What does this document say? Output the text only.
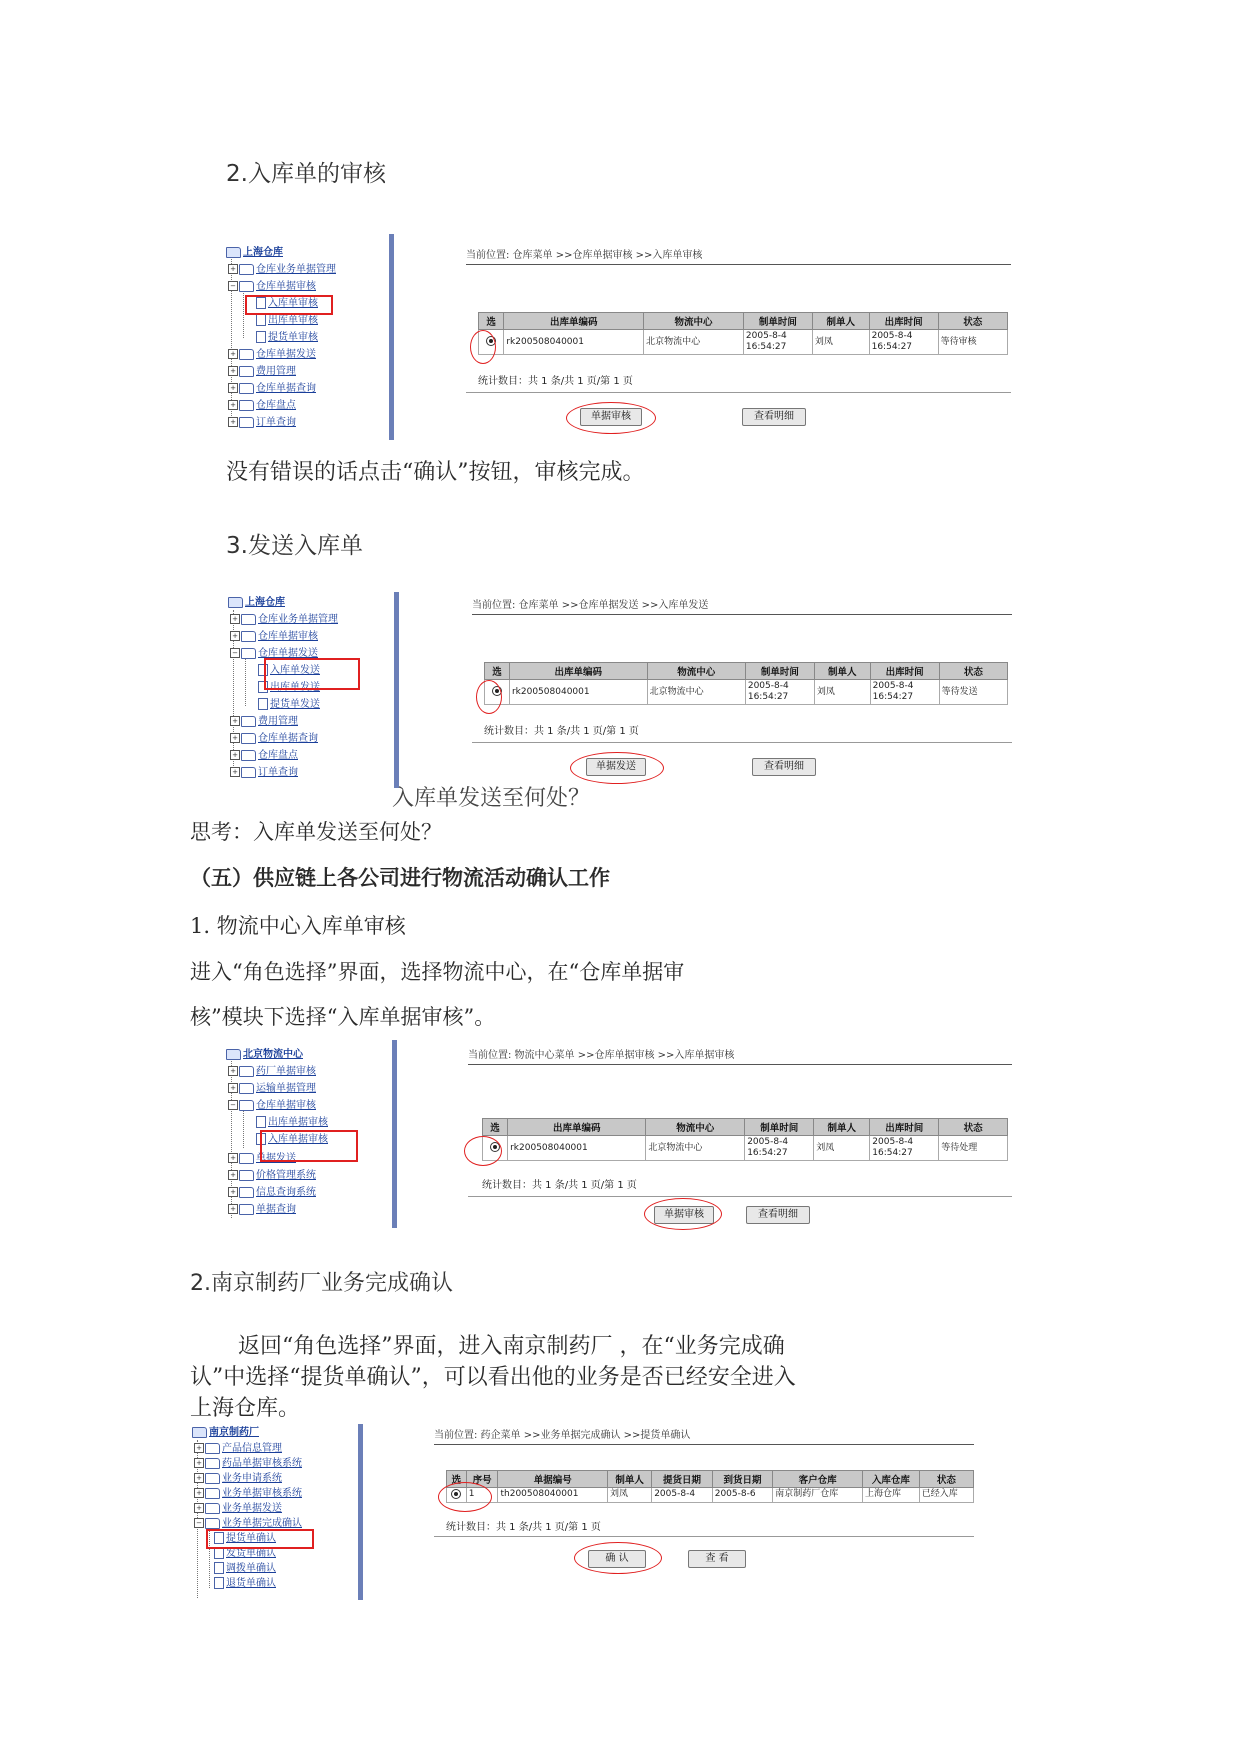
2.入库单的审核
上海仓库
+ 仓库业务单据管理
− 仓库单据审核
入库单审核
出库单审核
提货单审核
+ 仓库单据发送
+ 费用管理
+ 仓库单据查询
+ 仓库盘点
+ 订单查询
当前位置: 仓库菜单 >>仓库单据审核 >>入库单审核
选	出库单编码	物流中心	制单时间	制单人	出库时间	状态
	rk200508040001	北京物流中心	2005-8-4 16:54:27	刘凤	2005-8-4 16:54:27	等待审核
统计数目：共 1 条/共 1 页/第 1 页
单据审核	查看明细
没有错误的话点击“确认”按钮，审核完成。
3.发送入库单
上海仓库
+ 仓库业务单据管理
+ 仓库单据审核
− 仓库单据发送
入库单发送
出库单发送
提货单发送
+ 费用管理
+ 仓库单据查询
+ 仓库盘点
+ 订单查询
当前位置: 仓库菜单 >>仓库单据发送 >>入库单发送
选	出库单编码	物流中心	制单时间	制单人	出库时间	状态
	rk200508040001	北京物流中心	2005-8-4 16:54:27	刘凤	2005-8-4 16:54:27	等待发送
统计数目：共 1 条/共 1 页/第 1 页
单据发送	查看明细
入库单发送至何处？
思考：入库单发送至何处？
（五）供应链上各公司进行物流活动确认工作
1. 物流中心入库单审核
进入“角色选择”界面，选择物流中心，在“仓库单据审
核”模块下选择“入库单据审核”。
北京物流中心
+ 药厂单据审核
+ 运输单据管理
− 仓库单据审核
出库单据审核
入库单据审核
+ 单据发送
+ 价格管理系统
+ 信息查询系统
+ 单据查询
当前位置: 物流中心菜单 >>仓库单据审核 >>入库单据审核
选	出库单编码	物流中心	制单时间	制单人	出库时间	状态
	rk200508040001	北京物流中心	2005-8-4 16:54:27	刘凤	2005-8-4 16:54:27	等待处理
统计数目：共 1 条/共 1 页/第 1 页
单据审核	查看明细
2.南京制药厂业务完成确认
返回“角色选择”界面，进入南京制药厂 ，在“业务完成确
认”中选择“提货单确认”，可以看出他的业务是否已经安全进入
上海仓库。
南京制药厂
+ 产品信息管理
+ 药品单据审核系统
+ 业务申请系统
+ 业务单据审核系统
+ 业务单据发送
− 业务单据完成确认
提货单确认
发货单确认
调拨单确认
退货单确认
当前位置: 药企菜单 >>业务单据完成确认 >>提货单确认
选	序号	单据编号	制单人	提货日期	到货日期	客户仓库	入库仓库	状态
	1	th200508040001	刘凤	2005-8-4	2005-8-6	南京制药厂仓库	上海仓库	已经入库
统计数目：共 1 条/共 1 页/第 1 页
确 认	查 看
